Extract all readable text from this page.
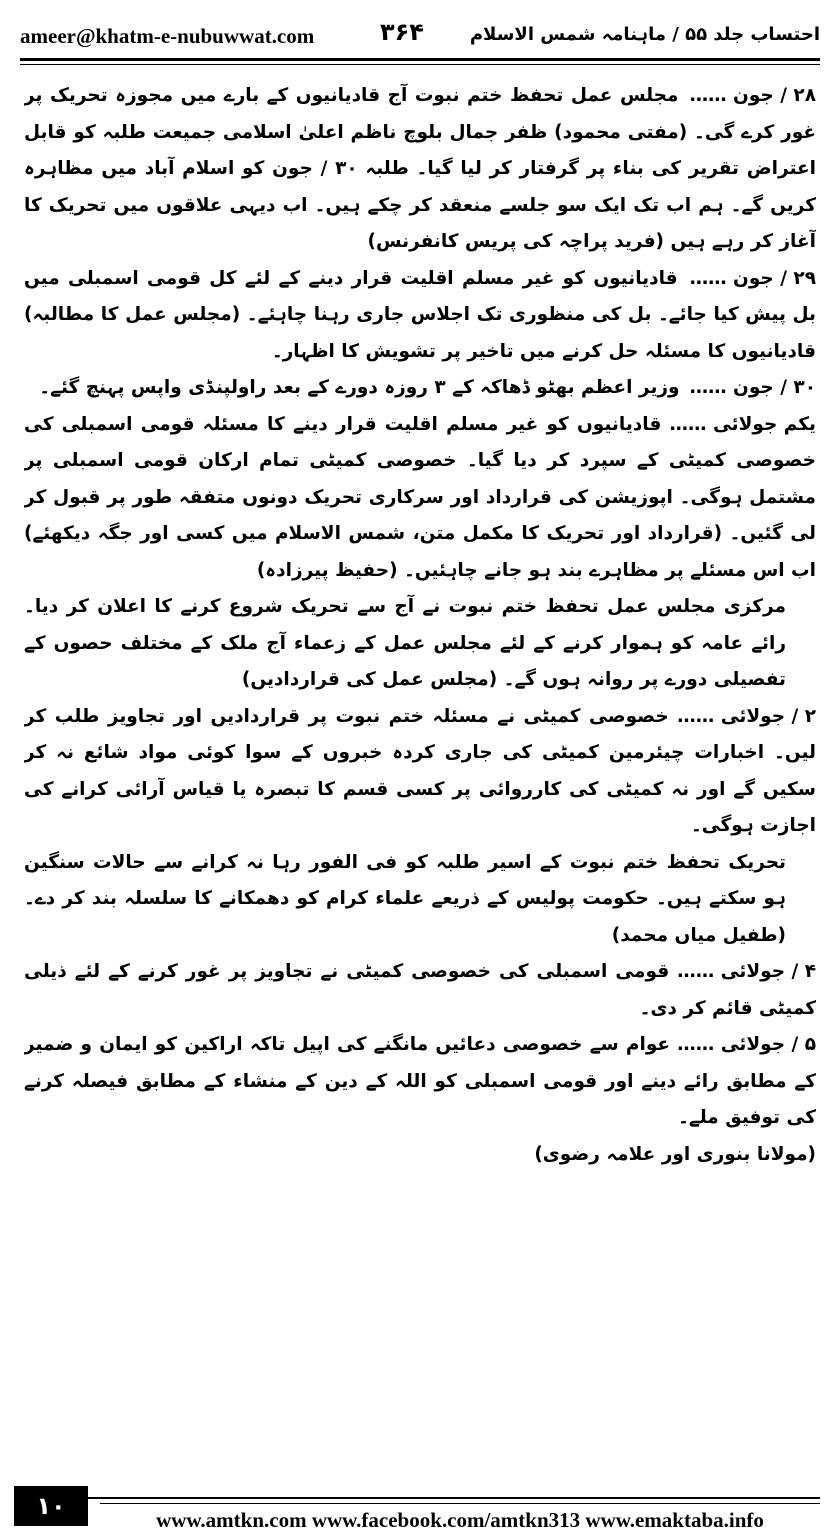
ameer@khatm-e-nubuwwat.com	۳۶۴	احتساب جلد ۵۵ / ماہنامہ شمس الاسلام

۲۸ / جون …… مجلس عمل تحفظ ختم نبوت آج قادیانیوں کے بارے میں مجوزہ تحریک پر غور کرے گی۔ (مفتی محمود) ظفر جمال بلوچ ناظم اعلیٰ اسلامی جمیعت طلبہ کو قابل اعتراض تقریر کی بناء پر گرفتار کر لیا گیا۔ طلبہ ۳۰ / جون کو اسلام آباد میں مظاہرہ کریں گے۔ ہم اب تک ایک سو جلسے منعقد کر چکے ہیں۔ اب دیہی علاقوں میں تحریک کا آغاز کر رہے ہیں (فرید پراچہ کی پریس کانفرنس)

۲۹ / جون …… قادیانیوں کو غیر مسلم اقلیت قرار دینے کے لئے کل قومی اسمبلی میں بل پیش کیا جائے۔ بل کی منظوری تک اجلاس جاری رہنا چاہئے۔ (مجلس عمل کا مطالبہ) قادیانیوں کا مسئلہ حل کرنے میں تاخیر پر تشویش کا اظہار۔

۳۰ / جون …… وزیر اعظم بھٹو ڈھاکہ کے ۳ روزہ دورے کے بعد راولپنڈی واپس پہنچ گئے۔

یکم جولائی …… قادیانیوں کو غیر مسلم اقلیت قرار دینے کا مسئلہ قومی اسمبلی کی خصوصی کمیٹی کے سپرد کر دیا گیا۔ خصوصی کمیٹی تمام ارکان قومی اسمبلی پر مشتمل ہوگی۔ اپوزیشن کی قرارداد اور سرکاری تحریک دونوں متفقہ طور پر قبول کر لی گئیں۔ (قرارداد اور تحریک کا مکمل متن، شمس الاسلام میں کسی اور جگہ دیکھئے) اب اس مسئلے پر مظاہرے بند ہو جانے چاہئیں۔ (حفیظ پیرزادہ)

مرکزی مجلس عمل تحفظ ختم نبوت نے آج سے تحریک شروع کرنے کا اعلان کر دیا۔ رائے عامہ کو ہموار کرنے کے لئے مجلس عمل کے زعماء آج ملک کے مختلف حصوں کے تفصیلی دورے پر روانہ ہوں گے۔ (مجلس عمل کی قراردادیں)

۲ / جولائی …… خصوصی کمیٹی نے مسئلہ ختم نبوت پر قراردادیں اور تجاویز طلب کر لیں۔ اخبارات چیئرمین کمیٹی کی جاری کردہ خبروں کے سوا کوئی مواد شائع نہ کر سکیں گے اور نہ کمیٹی کی کارروائی پر کسی قسم کا تبصرہ یا قیاس آرائی کرانے کی اجازت ہوگی۔

تحریک تحفظ ختم نبوت کے اسیر طلبہ کو فی الفور رہا نہ کرانے سے حالات سنگین ہو سکتے ہیں۔ حکومت پولیس کے ذریعے علماء کرام کو دھمکانے کا سلسلہ بند کر دے۔ (طفیل میاں محمد)

۴ / جولائی …… قومی اسمبلی کی خصوصی کمیٹی نے تجاویز پر غور کرنے کے لئے ذیلی کمیٹی قائم کر دی۔

۵ / جولائی …… عوام سے خصوصی دعائیں مانگنے کی اپیل تاکہ اراکین کو ایمان و ضمیر کے مطابق رائے دینے اور قومی اسمبلی کو اللہ کے دین کے منشاء کے مطابق فیصلہ کرنے کی توفیق ملے۔

(مولانا بنوری اور علامہ رضوی)

۱۰	www.amtkn.com www.facebook.com/amtkn313 www.emaktaba.info
